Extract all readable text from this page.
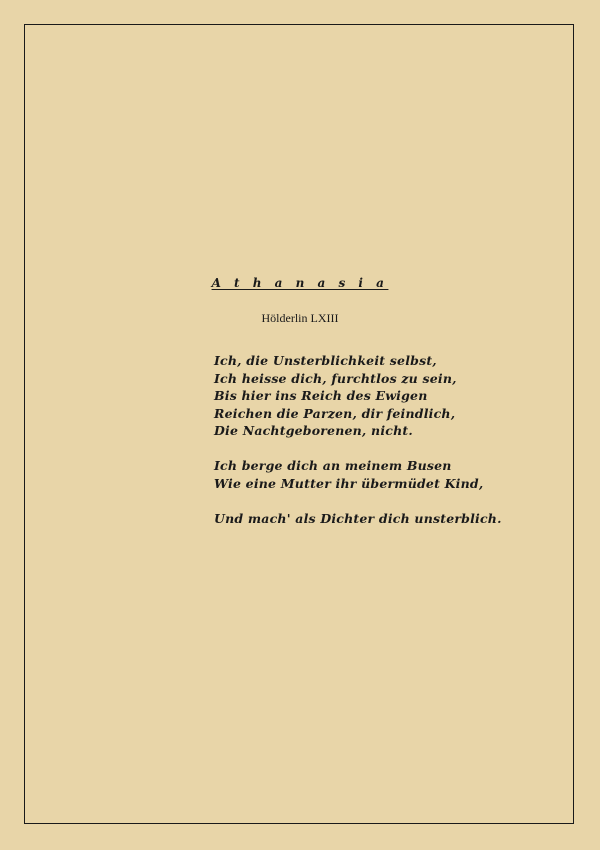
A t h a n a s i a
Hölderlin LXIII
Ich, die Unsterblichkeit selbst,
Ich heisse dich, furchtlos zu sein,
Bis hier ins Reich des Ewigen
Reichen die Parzen, dir feindlich,
Die Nachtgeborenen, nicht.
Ich berge dich an meinem Busen
Wie eine Mutter ihr übermüdet Kind,
Und mach' als Dichter dich unsterblich.
